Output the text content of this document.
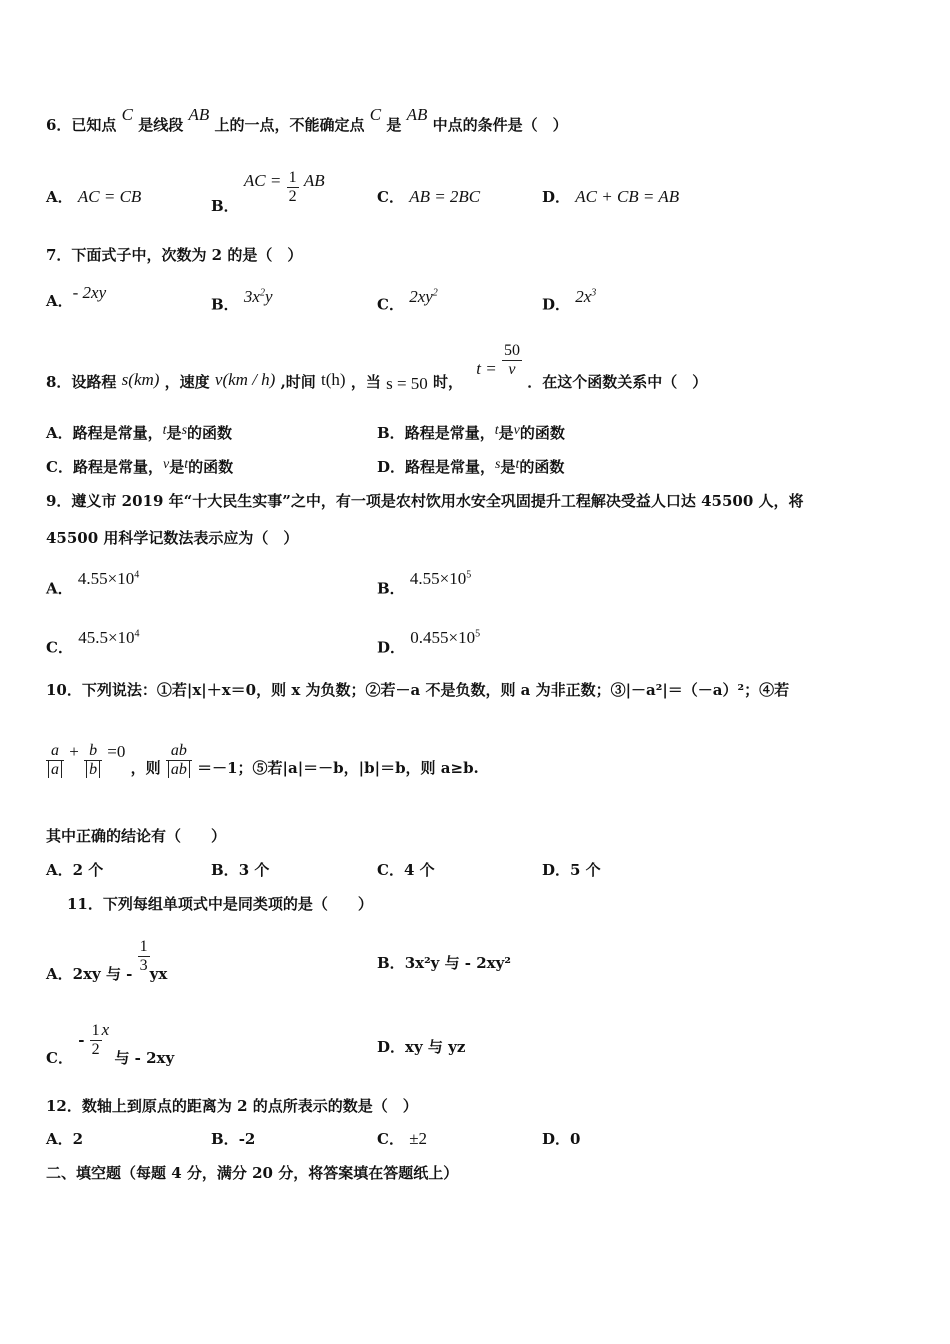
6．已知点 C 是线段 AB 上的一点，不能确定点 C 是 AB 中点的条件是（　）
A． AC = CB	B． AC = $\frac{1}{2}$ AB
C． AB = 2BC	D． AC + CB = AB
7．下面式子中，次数为 2 的是（　）
A．- 2xy
B． $3x^2y$	C． $2xy^2$
D． $2x^3$
8．设路程 s(km) ，速度 v(km / h) ,时间 t(h) ，当 s = 50 时， $t = \frac{50}{v}$
．在这个函数关系中（　）
A．路程是常量，t是s的函数	B．路程是常量，t是v的函数
C．路程是常量，v是t的函数	D．路程是常量，s是t的函数
9．遵义市 2019 年“十大民生实事”之中，有一项是农村饮用水安全巩固提升工程解决受益人口达 45500 人，将
45500 用科学记数法表示应为（　）
A． $4.55\times 10^4$
B． $4.55\times 10^5$
C． $45.5\times 10^4$
D． $0.455\times 10^5$
10．下列说法：①若|x|＋x＝0，则 x 为负数；②若－a 不是负数，则 a 为非正数；③|－a²|＝（－a）²；④若
$\frac{a}{a} + \frac{b}{b} =0$ ，则 $\frac{ab}{ab} =-1$；⑤若|a|＝－b，|b|＝b，则 a≥b.
其中正确的结论有（　　）
A．2 个	B．3 个	C．4 个	D．5 个
11．下列每组单项式中是同类项的是（　　）
A．2xy 与 - $\frac{1}{3}$ yx
B．3x²y 与 - 2xy²
C． - $\frac{1}{2}$ x 与 - 2xy
D．xy 与 yz
12．数轴上到原点的距离为 2 的点所表示的数是（　）
A．2	B．-2	C． ±2	D．0
二、填空题（每题 4 分，满分 20 分，将答案填在答题纸上）
